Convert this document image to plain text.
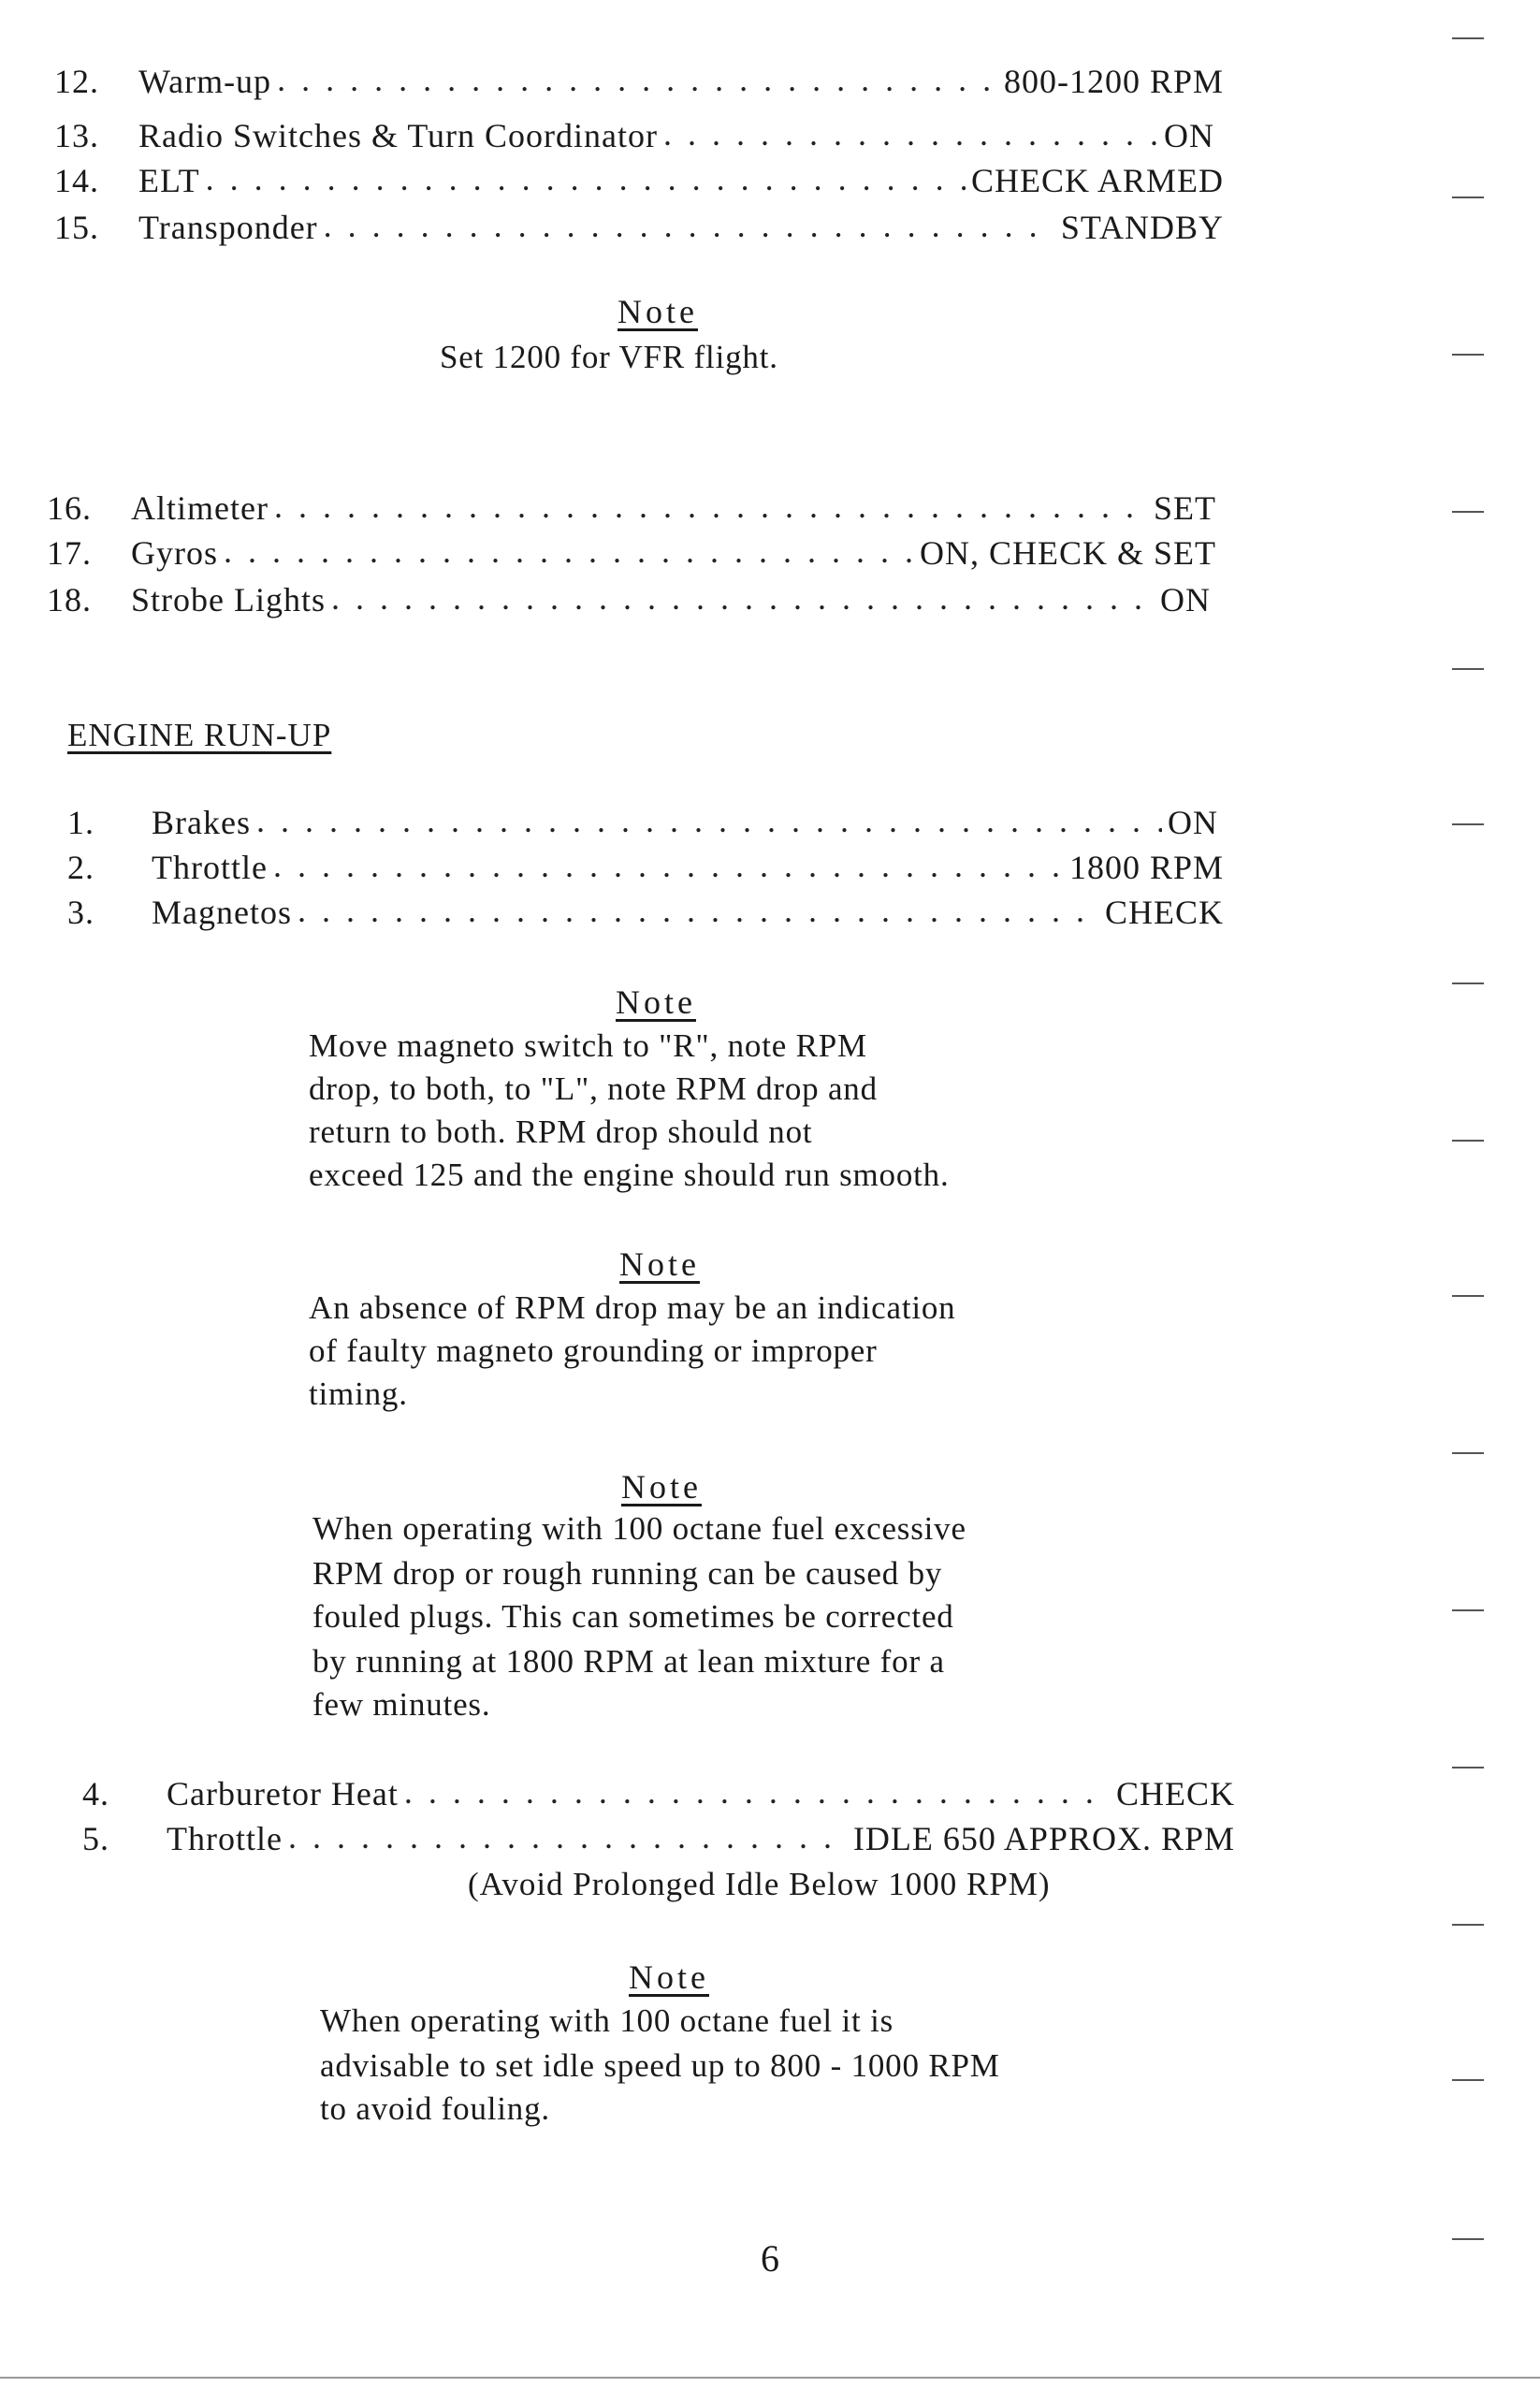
12.	Warm-up . . .	800-1200 RPM
13.	Radio Switches & Turn Coordinator . . .	ON
14.	ELT . . .	CHECK ARMED
15.	Transponder . . .	STANDBY
Note
Set 1200 for VFR flight.
16.	Altimeter . . .	SET
17.	Gyros . . .	ON, CHECK & SET
18.	Strobe Lights . . .	ON
ENGINE RUN-UP
1.	Brakes . . .	ON
2.	Throttle . . .	1800 RPM
3.	Magnetos . . .	CHECK
Note
Move magneto switch to "R", note RPM
drop, to both, to "L", note RPM drop and
return to both. RPM drop should not
exceed 125 and the engine should run smooth.
Note
An absence of RPM drop may be an indication
of faulty magneto grounding or improper
timing.
Note
When operating with 100 octane fuel excessive
RPM drop or rough running can be caused by
fouled plugs. This can sometimes be corrected
by running at 1800 RPM at lean mixture for a
few minutes.
4.	Carburetor Heat . . .	CHECK
5.	Throttle . . .	IDLE 650 APPROX. RPM
(Avoid Prolonged Idle Below 1000 RPM)
Note
When operating with 100 octane fuel it is
advisable to set idle speed up to 800 - 1000 RPM
to avoid fouling.
6
